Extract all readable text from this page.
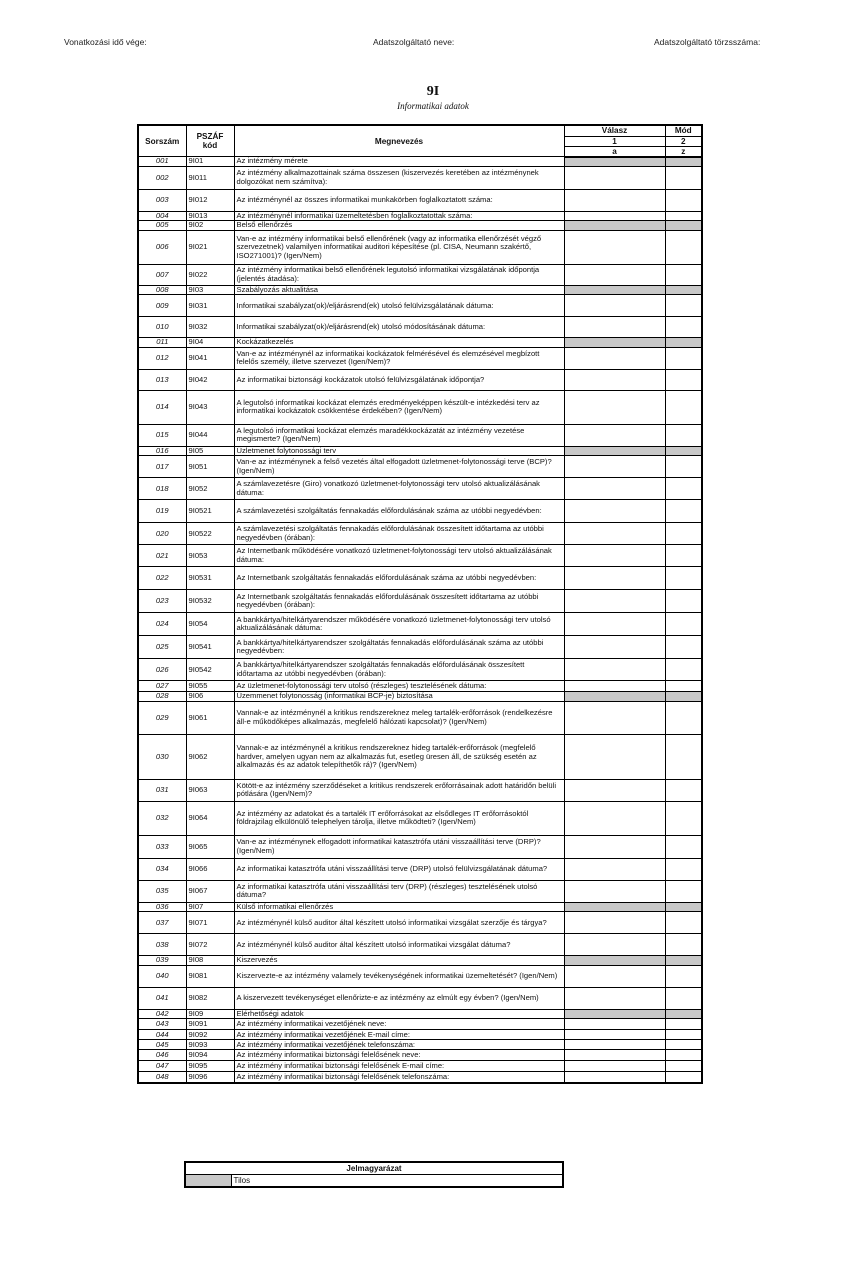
Vonatkozási idő vége:	Adatszolgáltató neve:	Adatszolgáltató törzsszáma:
9I
Informatikai adatok
Sorszám	PSZÁF kód	Megnevezés	Válasz	Mód
			1	2
			a	z
001	9I01	Az intézmény mérete		
002	9I011	Az intézmény alkalmazottainak száma összesen (kiszervezés keretében az intézménynek dolgozókat nem számítva):		
003	9I012	Az intézménynél az összes informatikai munkakörben foglalkoztatott száma:		
004	9I013	Az intézménynél informatikai üzemeltetésben foglalkoztatottak száma:		
005	9I02	Belső ellenőrzés		
006	9I021	Van-e az intézmény informatikai belső ellenőrének (vagy az informatika ellenőrzését végző szervezetnek) valamilyen informatikai auditori képesítése (pl. CISA, Neumann szakértő, ISO271001)? (Igen/Nem)		
007	9I022	Az intézmény informatikai belső ellenőrének legutolsó informatikai vizsgálatának időpontja (jelentés átadása):		
008	9I03	Szabályozás aktualitása		
009	9I031	Informatikai szabályzat(ok)/eljárásrend(ek) utolsó felülvizsgálatának dátuma:		
010	9I032	Informatikai szabályzat(ok)/eljárásrend(ek) utolsó módosításának dátuma:		
011	9I04	Kockázatkezelés		
012	9I041	Van-e az intézménynél az informatikai kockázatok felmérésével és elemzésével megbízott felelős személy, illetve szervezet (Igen/Nem)?		
013	9I042	Az informatikai biztonsági kockázatok utolsó felülvizsgálatának időpontja?		
014	9I043	A legutolsó informatikai kockázat elemzés eredményeképpen készült-e intézkedési terv az informatikai kockázatok csökkentése érdekében? (Igen/Nem)		
015	9I044	A legutolsó informatikai kockázat elemzés maradékkockázatát az intézmény vezetése megismerte? (Igen/Nem)		
016	9I05	Üzletmenet folytonossági terv		
017	9I051	Van-e az intézménynek a felső vezetés által elfogadott üzletmenet-folytonossági terve (BCP)? (Igen/Nem)		
018	9I052	A számlavezetésre (Giro) vonatkozó üzletmenet-folytonossági terv utolsó aktualizálásának dátuma:		
019	9I0521	A számlavezetési szolgáltatás fennakadás előfordulásának száma az utóbbi negyedévben:		
020	9I0522	A számlavezetési szolgáltatás fennakadás előfordulásának összesített időtartama az utóbbi negyedévben (órában):		
021	9I053	Az Internetbank működésére vonatkozó üzletmenet-folytonossági terv utolsó aktualizálásának dátuma:		
022	9I0531	Az Internetbank szolgáltatás fennakadás előfordulásának száma az utóbbi negyedévben:		
023	9I0532	Az Internetbank szolgáltatás fennakadás előfordulásának összesített időtartama az utóbbi negyedévben (órában):		
024	9I054	A bankkártya/hitelkártyarendszer működésére vonatkozó üzletmenet-folytonossági terv utolsó aktualizálásának dátuma:		
025	9I0541	A bankkártya/hitelkártyarendszer szolgáltatás fennakadás előfordulásának száma az utóbbi negyedévben:		
026	9I0542	A bankkártya/hitelkártyarendszer szolgáltatás fennakadás előfordulásának összesített időtartama az utóbbi negyedévben (órában):		
027	9I055	Az üzletmenet-folytonossági terv utolsó (részleges) tesztelésének dátuma:		
028	9I06	Üzemmenet folytonosság (informatikai BCP-je) biztosítása		
029	9I061	Vannak-e az intézménynél a kritikus rendszereknez meleg tartalék-erőforrások (rendelkezésre áll-e működőképes alkalmazás, megfelelő hálózati kapcsolat)? (Igen/Nem)		
030	9I062	Vannak-e az intézménynél a kritikus rendszereknez hideg tartalék-erőforrások (megfelelő hardver, amelyen ugyan nem az alkalmazás fut, esetleg üresen áll, de szükség esetén az alkalmazás és az adatok telepíthetők rá)? (Igen/Nem)		
031	9I063	Kötött-e az intézmény szerződéseket a kritikus rendszerek erőforrásainak adott határidőn belüli pótlására (Igen/Nem)?		
032	9I064	Az intézmény az adatokat és a tartalék IT erőforrásokat az elsődleges IT erőforrásoktól földrajzilag elkülönülő telephelyen tárolja, illetve működteti? (Igen/Nem)		
033	9I065	Van-e az intézménynek elfogadott informatikai katasztrófa utáni visszaállítási terve (DRP)? (Igen/Nem)		
034	9I066	Az informatikai katasztrófa utáni visszaállítási terve (DRP) utolsó felülvizsgálatának dátuma?		
035	9I067	Az informatikai katasztrófa utáni visszaállítási terv (DRP) (részleges) tesztelésének utolsó dátuma?		
036	9I07	Külső informatikai ellenőrzés		
037	9I071	Az intézménynél külső auditor által készített utolsó informatikai vizsgálat szerzője és tárgya?		
038	9I072	Az intézménynél külső auditor által készített utolsó informatikai vizsgálat dátuma?		
039	9I08	Kiszervezés		
040	9I081	Kiszervezte-e az intézmény valamely tevékenységének informatikai üzemeltetését? (Igen/Nem)		
041	9I082	A kiszervezett tevékenységet ellenőrizte-e az intézmény az elmúlt egy évben? (Igen/Nem)		
042	9I09	Elérhetőségi adatok		
043	9I091	Az intézmény informatikai vezetőjének neve:		
044	9I092	Az intézmény informatikai vezetőjének E-mail címe:		
045	9I093	Az intézmény informatikai vezetőjének telefonszáma:		
046	9I094	Az intézmény informatikai biztonsági felelősének neve:		
047	9I095	Az intézmény informatikai biztonsági felelősének E-mail címe:		
048	9I096	Az intézmény informatikai biztonsági felelősének telefonszáma:		
Jelmagyarázat
	Tilos
